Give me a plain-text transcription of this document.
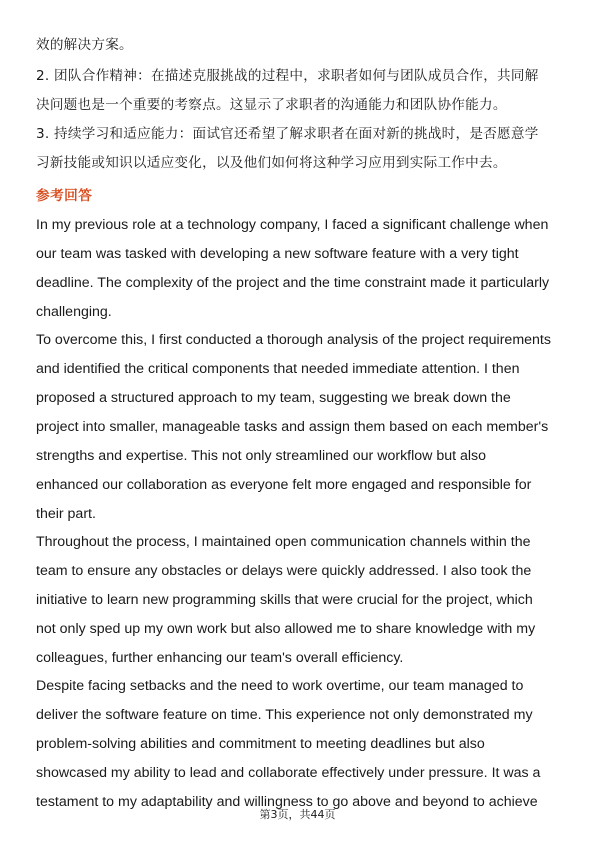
效的解决方案。
2. 团队合作精神：在描述克服挑战的过程中，求职者如何与团队成员合作，共同解
决问题也是一个重要的考察点。这显示了求职者的沟通能力和团队协作能力。
3. 持续学习和适应能力：面试官还希望了解求职者在面对新的挑战时，是否愿意学
习新技能或知识以适应变化，以及他们如何将这种学习应用到实际工作中去。
参考回答
In my previous role at a technology company, I faced a significant challenge when
our team was tasked with developing a new software feature with a very tight
deadline. The complexity of the project and the time constraint made it particularly
challenging.
To overcome this, I first conducted a thorough analysis of the project requirements
and identified the critical components that needed immediate attention. I then
proposed a structured approach to my team, suggesting we break down the
project into smaller, manageable tasks and assign them based on each member's
strengths and expertise. This not only streamlined our workflow but also
enhanced our collaboration as everyone felt more engaged and responsible for
their part.
Throughout the process, I maintained open communication channels within the
team to ensure any obstacles or delays were quickly addressed. I also took the
initiative to learn new programming skills that were crucial for the project, which
not only sped up my own work but also allowed me to share knowledge with my
colleagues, further enhancing our team's overall efficiency.
Despite facing setbacks and the need to work overtime, our team managed to
deliver the software feature on time. This experience not only demonstrated my
problem-solving abilities and commitment to meeting deadlines but also
showcased my ability to lead and collaborate effectively under pressure. It was a
testament to my adaptability and willingness to go above and beyond to achieve
第3页，共44页
